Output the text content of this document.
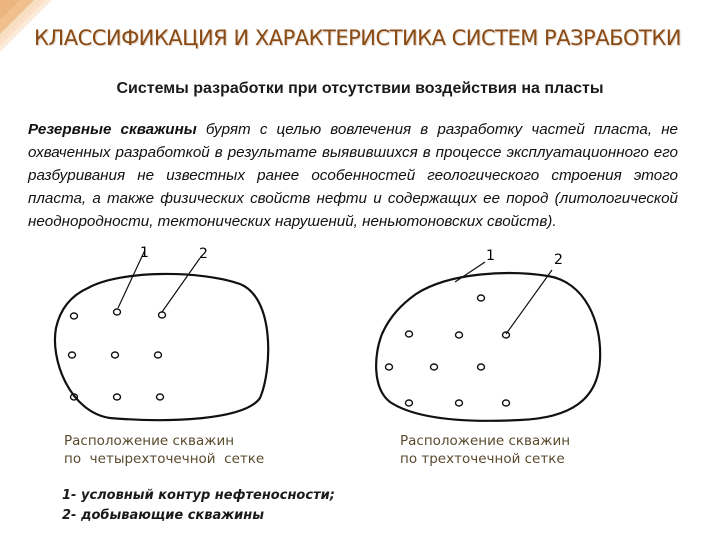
КЛАССИФИКАЦИЯ И ХАРАКТЕРИСТИКА СИСТЕМ РАЗРАБОТКИ
Системы разработки при отсутствии воздействия на пласты
Резервные скважины бурят с целью вовлечения в разработку частей пласта, не охваченных разработкой в результате выявившихся в процессе эксплуатационного его разбуривания не известных ранее особенностей геологического строения этого пласта, а также физических свойств нефти и содержащих ее пород (литологической неоднородности, тектонических нарушений, неньютоновских свойств).
1	2	1	2
Расположение скважин
по  четырехточечной  сетке
Расположение скважин
по трехточечной сетке
1- условный контур нефтеносности;
2- добывающие скважины
